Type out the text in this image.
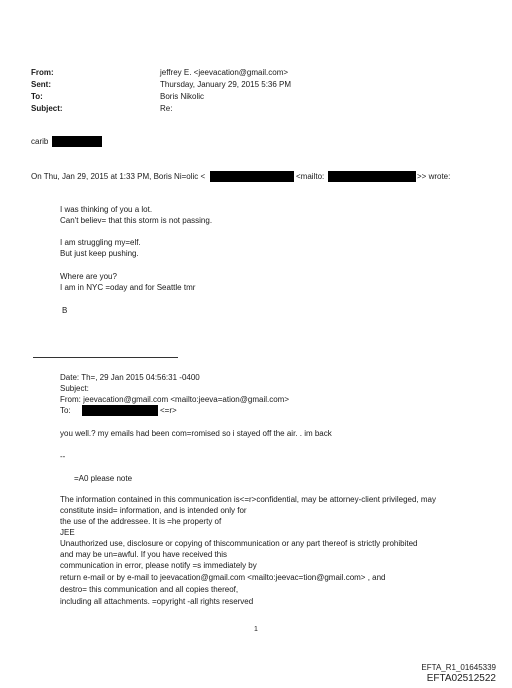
From:	jeffrey E. <jeevacation@gmail.com>
Sent:	Thursday, January 29, 2015 5:36 PM
To:	Boris Nikolic
Subject:	Re:
carib
On Thu, Jan 29, 2015 at 1:33 PM, Boris Ni=olic <	<mailto:	>> wrote:
I was thinking of you a lot.
Can't believ= that this storm is not passing.
I am struggling my=elf.
But just keep pushing.
Where are you?
I am in NYC =oday and for Seattle tmr
B
Date: Th=, 29 Jan 2015 04:56:31 -0400
Subject:
From: jeevacation@gmail.com <mailto:jeeva=ation@gmail.com>
To:	<=r>
you well.? my emails had been com=romised so i stayed off the air. . im back
--
=A0 please note
The information contained in this communication is<=r>confidential, may be attorney-client privileged, may
constitute insid= information, and is intended only for
the use of the addressee. It is =he property of
JEE
Unauthorized use, disclosure or copying of thiscommunication or any part thereof is strictly prohibited
and may be un=awful. If you have received this
communication in error, please notify =s immediately by
return e-mail or by e-mail to jeevacation@gmail.com <mailto:jeevac=tion@gmail.com> , and
destro= this communication and all copies thereof,
including all attachments. =opyright -all rights reserved
1
EFTA_R1_01645339
EFTA02512522
